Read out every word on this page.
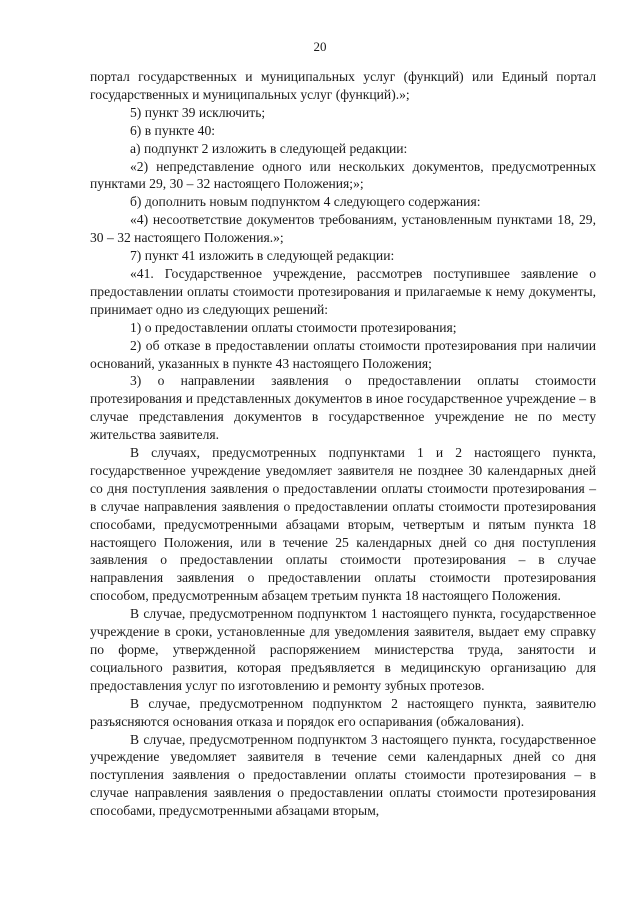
20

портал государственных и муниципальных услуг (функций) или Единый портал государственных и муниципальных услуг (функций).»;

5) пункт 39 исключить;

6) в пункте 40:

а) подпункт 2 изложить в следующей редакции:

«2) непредставление одного или нескольких документов, предусмотренных пунктами 29, 30 – 32 настоящего Положения;»;

б) дополнить новым подпунктом 4 следующего содержания:

«4) несоответствие документов требованиям, установленным пунктами 18, 29, 30 – 32 настоящего Положения.»;

7) пункт 41 изложить в следующей редакции:

«41. Государственное учреждение, рассмотрев поступившее заявление о предоставлении оплаты стоимости протезирования и прилагаемые к нему документы, принимает одно из следующих решений:

1) о предоставлении оплаты стоимости протезирования;

2) об отказе в предоставлении оплаты стоимости протезирования при наличии оснований, указанных в пункте 43 настоящего Положения;

3) о направлении заявления о предоставлении оплаты стоимости протезирования и представленных документов в иное государственное учреждение – в случае представления документов в государственное учреждение не по месту жительства заявителя.

В случаях, предусмотренных подпунктами 1 и 2 настоящего пункта, государственное учреждение уведомляет заявителя не позднее 30 календарных дней со дня поступления заявления о предоставлении оплаты стоимости протезирования – в случае направления заявления о предоставлении оплаты стоимости протезирования способами, предусмотренными абзацами вторым, четвертым и пятым пункта 18 настоящего Положения, или в течение 25 календарных дней со дня поступления заявления о предоставлении оплаты стоимости протезирования – в случае направления заявления о предоставлении оплаты стоимости протезирования способом, предусмотренным абзацем третьим пункта 18 настоящего Положения.

В случае, предусмотренном подпунктом 1 настоящего пункта, государственное учреждение в сроки, установленные для уведомления заявителя, выдает ему справку по форме, утвержденной распоряжением министерства труда, занятости и социального развития, которая предъявляется в медицинскую организацию для предоставления услуг по изготовлению и ремонту зубных протезов.

В случае, предусмотренном подпунктом 2 настоящего пункта, заявителю разъясняются основания отказа и порядок его оспаривания (обжалования).

В случае, предусмотренном подпунктом 3 настоящего пункта, государственное учреждение уведомляет заявителя в течение семи календарных дней со дня поступления заявления о предоставлении оплаты стоимости протезирования – в случае направления заявления о предоставлении оплаты стоимости протезирования способами, предусмотренными абзацами вторым,
